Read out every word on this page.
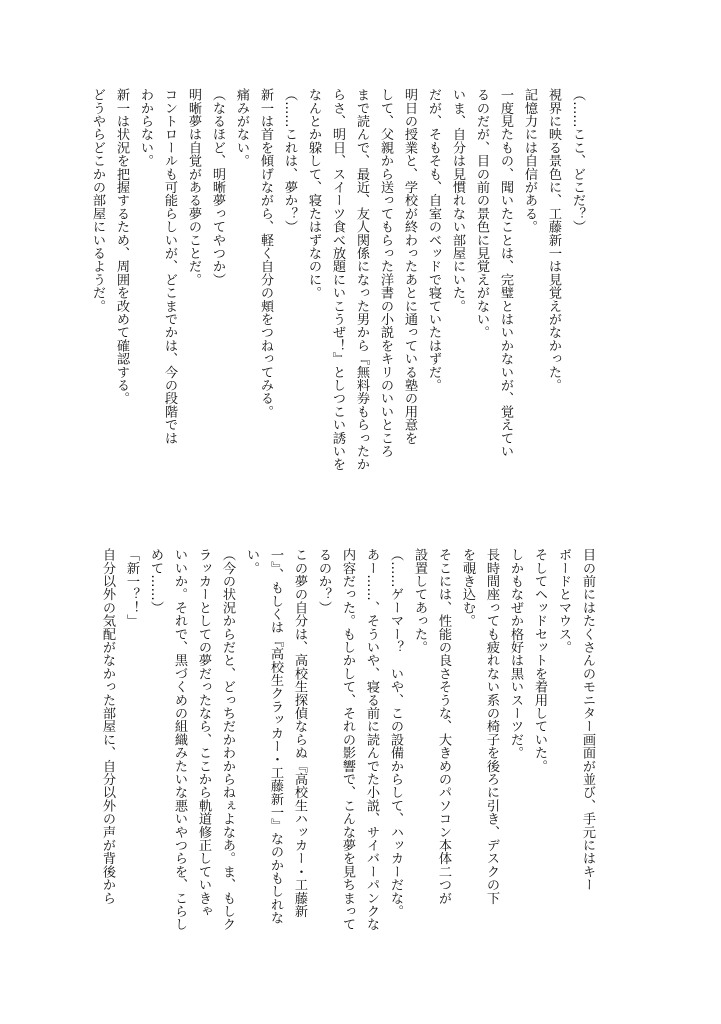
（……ここ、どこだ？）
視界に映る景色に、工藤新一は見覚えがなかった。
記憶力には自信がある。
一度見たもの、聞いたことは、完璧とはいかないが、覚えてい
るのだが、目の前の景色に見覚えがない。
いま、自分は見慣れない部屋にいた。
だが、そもそも、自室のベッドで寝ていたはずだ。
明日の授業と、学校が終わったあとに通っている塾の用意を
して、父親から送ってもらった洋書の小説をキリのいいところ
まで読んで、最近、友人関係になった男から『無料券もらったか
らさ、明日、スイーツ食べ放題にいこうぜ！』としつこい誘いを
なんとか躱して、寝たはずなのに。
（……これは、夢か？）
新一は首を傾げながら、軽く自分の頬をつねってみる。
痛みがない。
（なるほど、明晰夢ってやつか）
明晰夢は自覚がある夢のことだ。
コントロールも可能らしいが、どこまでかは、今の段階では
わからない。
新一は状況を把握するため、周囲を改めて確認する。
どうやらどこかの部屋にいるようだ。
目の前にはたくさんのモニター画面が並び、手元にはキー
ボードとマウス。
そしてヘッドセットを着用していた。
しかもなぜか格好は黒いスーツだ。
長時間座っても疲れない系の椅子を後ろに引き、デスクの下
を覗き込む。
そこには、性能の良さそうな、大きめのパソコン本体二つが
設置してあった。
（……ゲーマー？　いや、この設備からして、ハッカーだな。
あー……、そういや、寝る前に読んでた小説、サイバーパンクな
内容だった。もしかして、それの影響で、こんな夢を見ちまって
るのか？）
この夢の自分は、高校生探偵ならぬ『高校生ハッカー・工藤新
一』、もしくは『高校生クラッカー・工藤新一』なのかもしれな
い。
（今の状況からだと、どっちだかわからねぇよなあ。ま、もしク
ラッカーとしての夢だったなら、ここから軌道修正していきゃ
いいか。それで、黒づくめの組織みたいな悪いやつらを、こらし
めて……）
「新一？！」
自分以外の気配がなかった部屋に、自分以外の声が背後から
